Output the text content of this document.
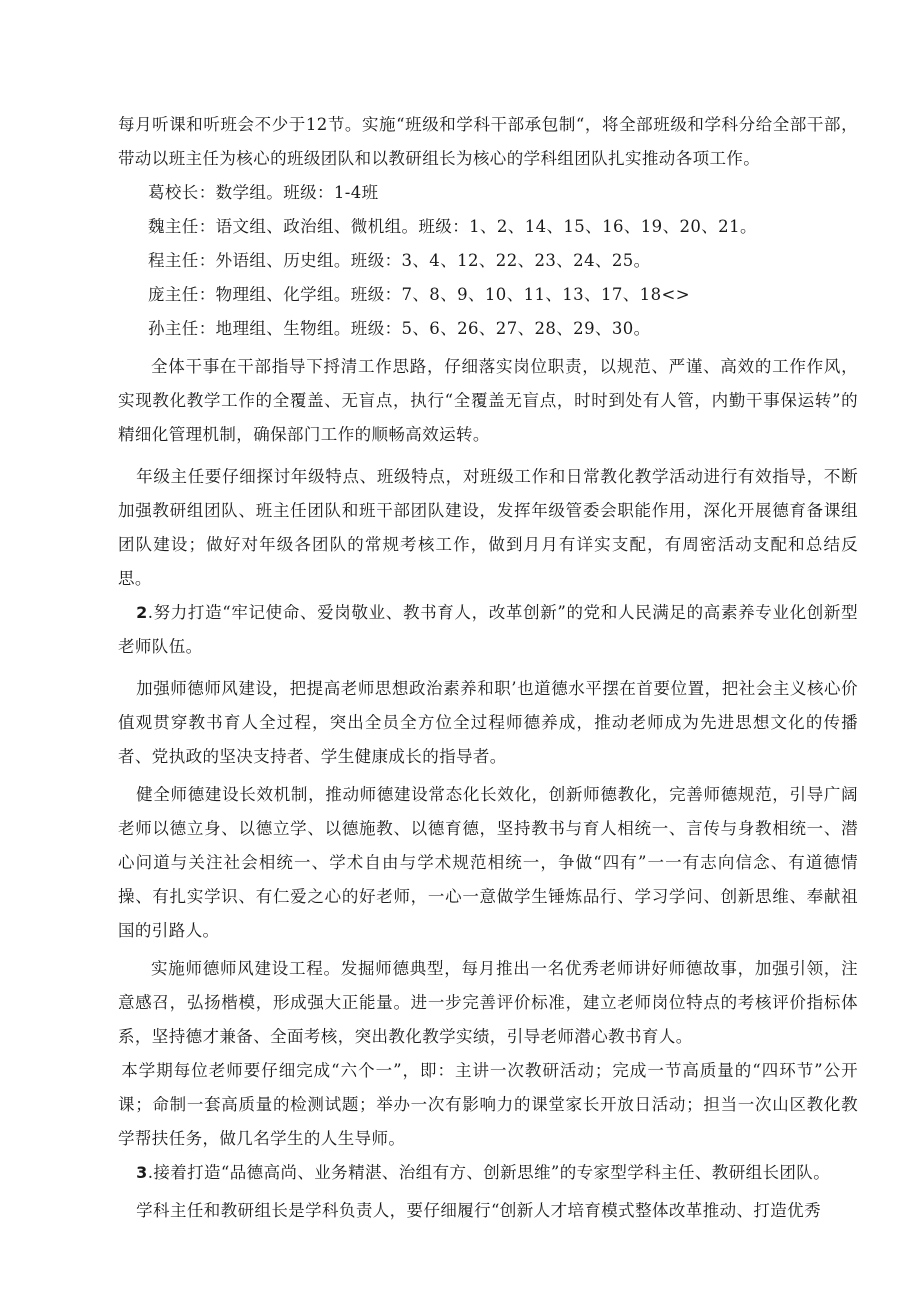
每月听课和听班会不少于12节。实施“班级和学科干部承包制“，将全部班级和学科分给全部干部，带动以班主任为核心的班级团队和以教研组长为核心的学科组团队扎实推动各项工作。

葛校长：数学组。班级：1-4班

魏主任：语文组、政治组、微机组。班级：1、2、14、15、16、19、20、21。

程主任：外语组、历史组。班级：3、4、12、22、23、24、25。

庞主任：物理组、化学组。班级：7、8、9、10、11、13、17、18<>

孙主任：地理组、生物组。班级：5、6、26、27、28、29、30。

全体干事在干部指导下捋清工作思路，仔细落实岗位职责，以规范、严谨、高效的工作作风，实现教化教学工作的全覆盖、无盲点，执行“全覆盖无盲点，时时到处有人管，内勤干事保运转”的精细化管理机制，确保部门工作的顺畅高效运转。

年级主任要仔细探讨年级特点、班级特点，对班级工作和日常教化教学活动进行有效指导，不断加强教研组团队、班主任团队和班干部团队建设，发挥年级管委会职能作用，深化开展德育备课组团队建设；做好对年级各团队的常规考核工作，做到月月有详实支配，有周密活动支配和总结反思。

2.努力打造“牢记使命、爱岗敬业、教书育人，改革创新”的党和人民满足的高素养专业化创新型老师队伍。

加强师德师风建设，把提高老师思想政治素养和职’也道德水平摆在首要位置，把社会主义核心价值观贯穿教书育人全过程，突出全员全方位全过程师德养成，推动老师成为先进思想文化的传播者、党执政的坚决支持者、学生健康成长的指导者。

健全师德建设长效机制，推动师德建设常态化长效化，创新师德教化，完善师德规范，引导广阔老师以德立身、以德立学、以德施教、以德育德，坚持教书与育人相统一、言传与身教相统一、潜心问道与关注社会相统一、学术自由与学术规范相统一，争做“四有”一一有志向信念、有道德情操、有扎实学识、有仁爱之心的好老师，一心一意做学生锤炼品行、学习学问、创新思维、奉献祖国的引路人。

实施师德师风建设工程。发掘师德典型，每月推出一名优秀老师讲好师德故事，加强引领，注意感召，弘扬楷模，形成强大正能量。进一步完善评价标准，建立老师岗位特点的考核评价指标体系，坚持德才兼备、全面考核，突出教化教学实绩，引导老师潜心教书育人。

本学期每位老师要仔细完成“六个一”，即：主讲一次教研活动；完成一节高质量的“四环节”公开课；命制一套高质量的检测试题；举办一次有影响力的课堂家长开放日活动；担当一次山区教化教学帮扶任务，做几名学生的人生导师。

3.接着打造“品德高尚、业务精湛、治组有方、创新思维”的专家型学科主任、教研组长团队。

学科主任和教研组长是学科负责人，要仔细履行“创新人才培育模式整体改革推动、打造优秀
